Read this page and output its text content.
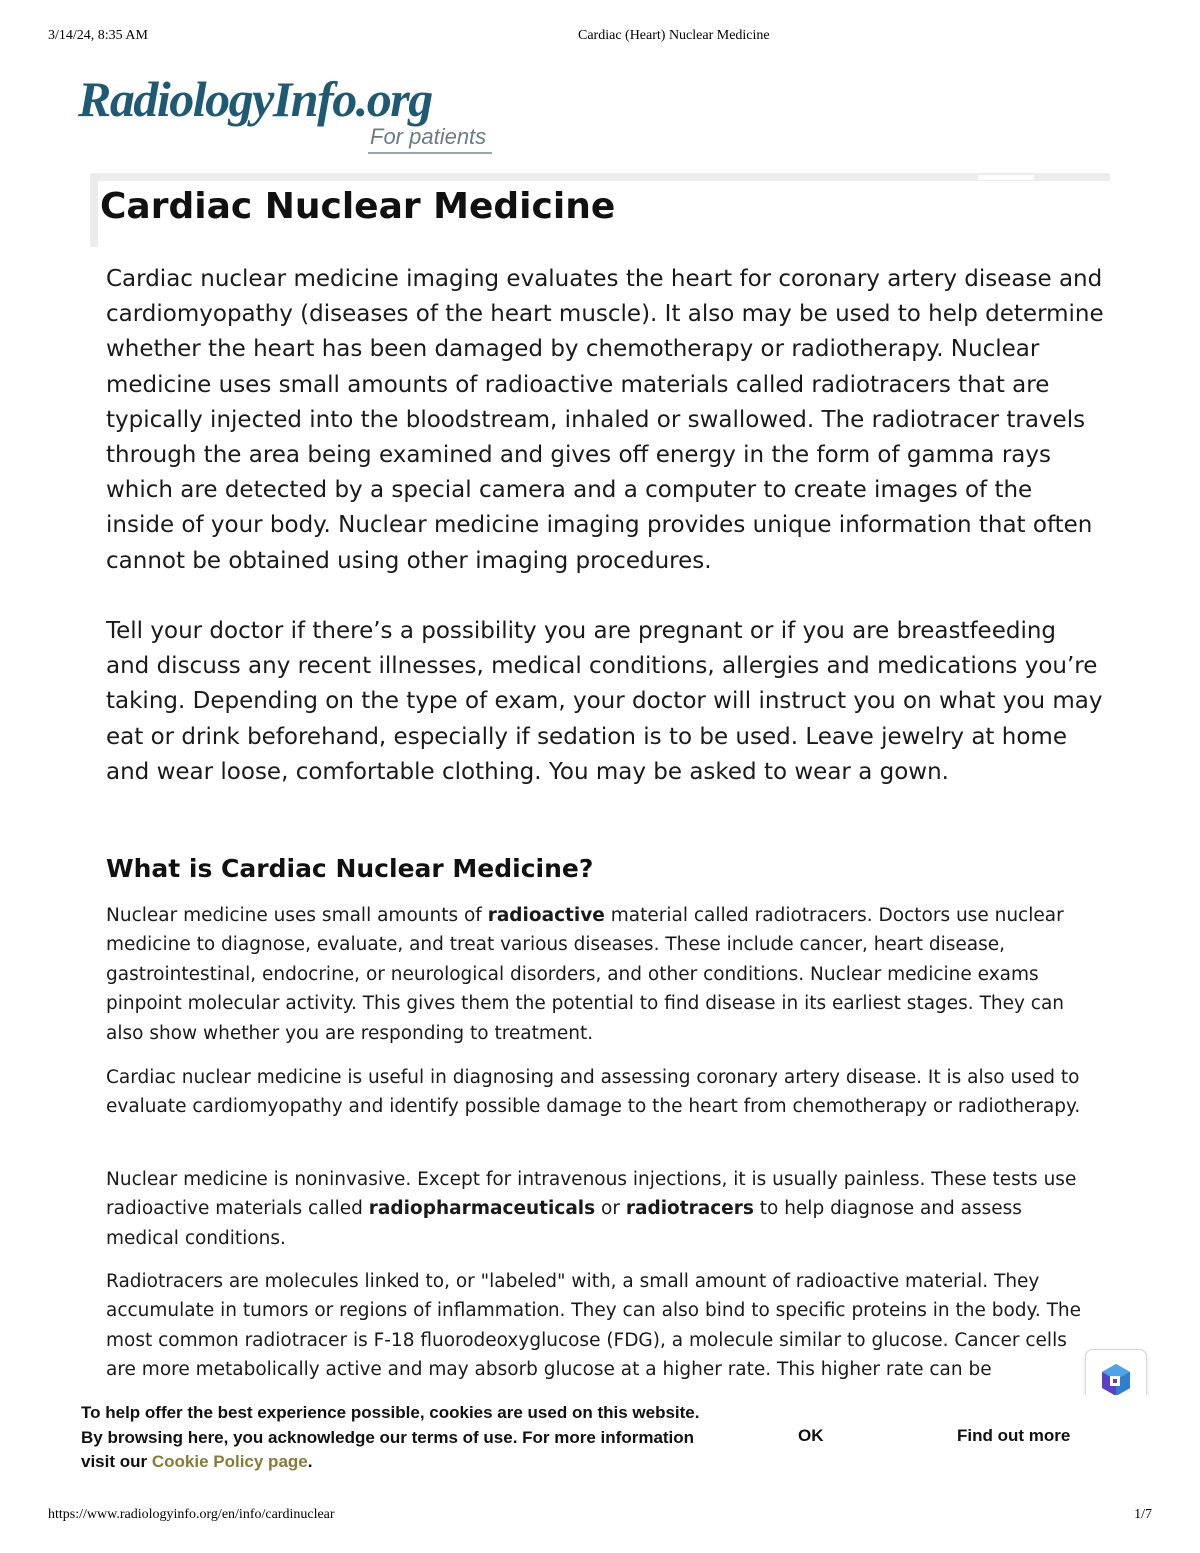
3/14/24, 8:35 AM	Cardiac (Heart) Nuclear Medicine
RadiologyInfo.org
For patients
Cardiac Nuclear Medicine

Cardiac nuclear medicine imaging evaluates the heart for coronary artery disease and cardiomyopathy (diseases of the heart muscle). It also may be used to help determine whether the heart has been damaged by chemotherapy or radiotherapy. Nuclear medicine uses small amounts of radioactive materials called radiotracers that are typically injected into the bloodstream, inhaled or swallowed. The radiotracer travels through the area being examined and gives off energy in the form of gamma rays which are detected by a special camera and a computer to create images of the inside of your body. Nuclear medicine imaging provides unique information that often cannot be obtained using other imaging procedures.

Tell your doctor if there’s a possibility you are pregnant or if you are breastfeeding and discuss any recent illnesses, medical conditions, allergies and medications you’re taking. Depending on the type of exam, your doctor will instruct you on what you may eat or drink beforehand, especially if sedation is to be used. Leave jewelry at home and wear loose, comfortable clothing. You may be asked to wear a gown.

What is Cardiac Nuclear Medicine?

Nuclear medicine uses small amounts of radioactive material called radiotracers. Doctors use nuclear medicine to diagnose, evaluate, and treat various diseases. These include cancer, heart disease, gastrointestinal, endocrine, or neurological disorders, and other conditions. Nuclear medicine exams pinpoint molecular activity. This gives them the potential to find disease in its earliest stages. They can also show whether you are responding to treatment.

Cardiac nuclear medicine is useful in diagnosing and assessing coronary artery disease. It is also used to evaluate cardiomyopathy and identify possible damage to the heart from chemotherapy or radiotherapy.

Nuclear medicine is noninvasive. Except for intravenous injections, it is usually painless. These tests use radioactive materials called radiopharmaceuticals or radiotracers to help diagnose and assess medical conditions.

Radiotracers are molecules linked to, or "labeled" with, a small amount of radioactive material. They accumulate in tumors or regions of inflammation. They can also bind to specific proteins in the body. The most common radiotracer is F-18 fluorodeoxyglucose (FDG), a molecule similar to glucose. Cancer cells are more metabolically active and may absorb glucose at a higher rate. This higher rate can be

To help offer the best experience possible, cookies are used on this website. By browsing here, you acknowledge our terms of use. For more information visit our Cookie Policy page.

OK	Find out more
https://www.radiologyinfo.org/en/info/cardinuclear	1/7
